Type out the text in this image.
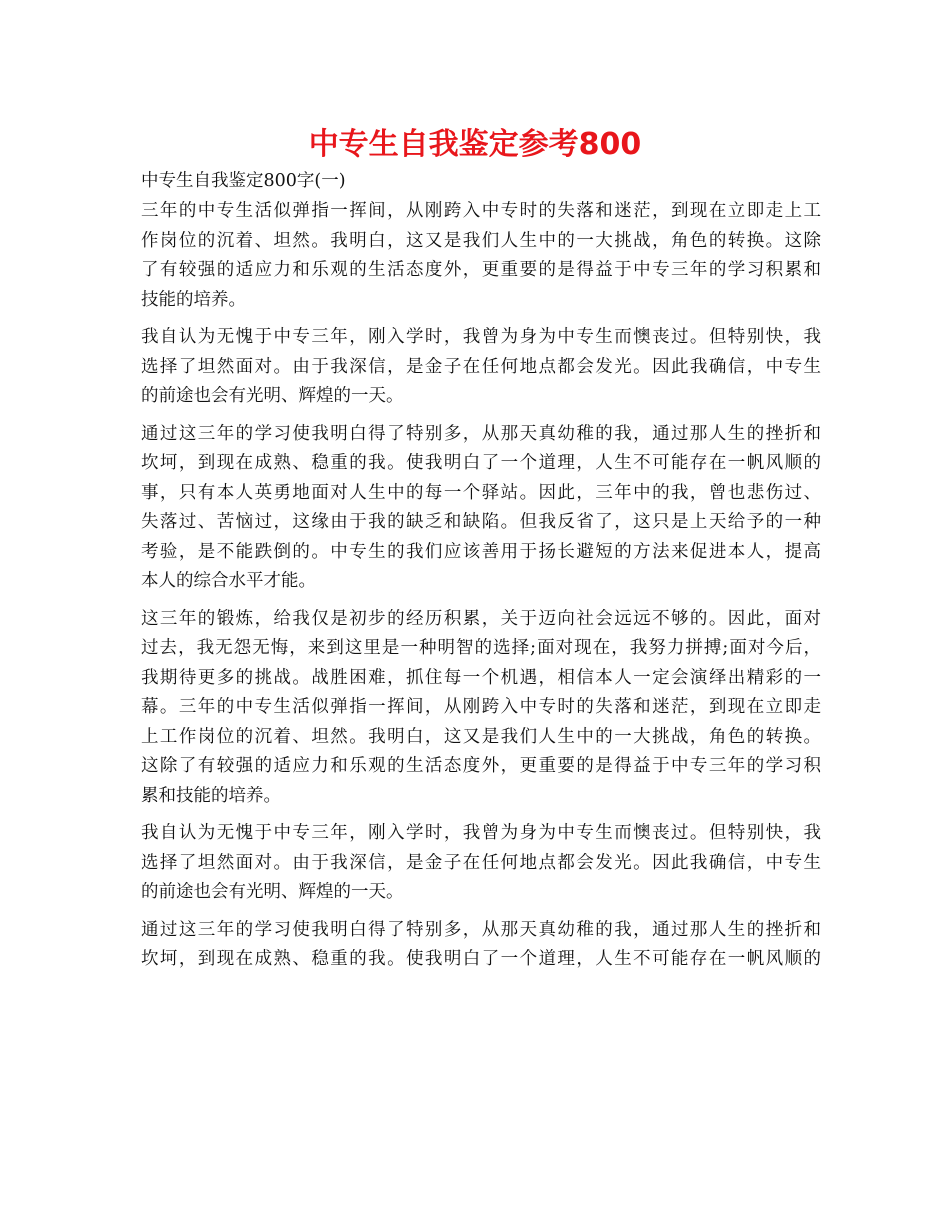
中专生自我鉴定参考800

中专生自我鉴定800字(一)

三年的中专生活似弹指一挥间，从刚跨入中专时的失落和迷茫，到现在立即走上工
作岗位的沉着、坦然。我明白，这又是我们人生中的一大挑战，角色的转换。这除
了有较强的适应力和乐观的生活态度外，更重要的是得益于中专三年的学习积累和
技能的培养。

我自认为无愧于中专三年，刚入学时，我曾为身为中专生而懊丧过。但特别快，我
选择了坦然面对。由于我深信，是金子在任何地点都会发光。因此我确信，中专生
的前途也会有光明、辉煌的一天。

通过这三年的学习使我明白得了特别多，从那天真幼稚的我，通过那人生的挫折和
坎坷，到现在成熟、稳重的我。使我明白了一个道理，人生不可能存在一帆风顺的
事，只有本人英勇地面对人生中的每一个驿站。因此，三年中的我，曾也悲伤过、
失落过、苦恼过，这缘由于我的缺乏和缺陷。但我反省了，这只是上天给予的一种
考验，是不能跌倒的。中专生的我们应该善用于扬长避短的方法来促进本人，提高
本人的综合水平才能。

这三年的锻炼，给我仅是初步的经历积累，关于迈向社会远远不够的。因此，面对
过去，我无怨无悔，来到这里是一种明智的选择;面对现在，我努力拼搏;面对今后，
我期待更多的挑战。战胜困难，抓住每一个机遇，相信本人一定会演绎出精彩的一
幕。三年的中专生活似弹指一挥间，从刚跨入中专时的失落和迷茫，到现在立即走
上工作岗位的沉着、坦然。我明白，这又是我们人生中的一大挑战，角色的转换。
这除了有较强的适应力和乐观的生活态度外，更重要的是得益于中专三年的学习积
累和技能的培养。

我自认为无愧于中专三年，刚入学时，我曾为身为中专生而懊丧过。但特别快，我
选择了坦然面对。由于我深信，是金子在任何地点都会发光。因此我确信，中专生
的前途也会有光明、辉煌的一天。

通过这三年的学习使我明白得了特别多，从那天真幼稚的我，通过那人生的挫折和
坎坷，到现在成熟、稳重的我。使我明白了一个道理，人生不可能存在一帆风顺的
